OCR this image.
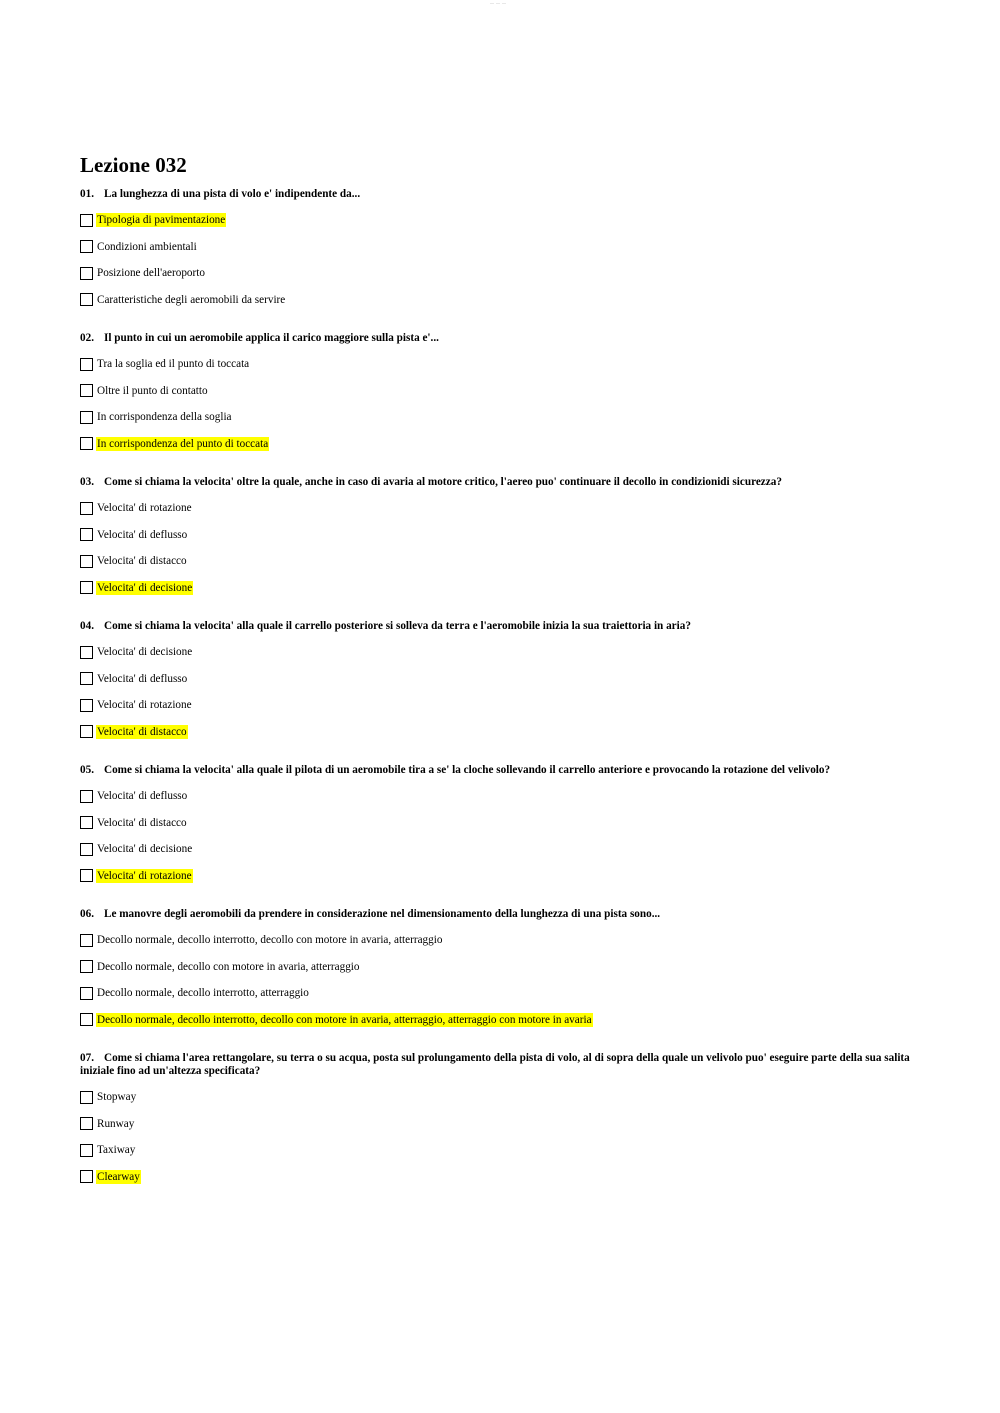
— — —
Lezione 032
01. La lunghezza di una pista di volo e' indipendente da...
Tipologia di pavimentazione
Condizioni ambientali
Posizione dell'aeroporto
Caratteristiche degli aeromobili da servire
02. Il punto in cui un aeromobile applica il carico maggiore sulla pista e'...
Tra la soglia ed il punto di toccata
Oltre il punto di contatto
In corrispondenza della soglia
In corrispondenza del punto di toccata
03. Come si chiama la velocita' oltre la quale, anche in caso di avaria al motore critico, l'aereo puo' continuare il decollo in condizionidi sicurezza?
Velocita' di rotazione
Velocita' di deflusso
Velocita' di distacco
Velocita' di decisione
04. Come si chiama la velocita' alla quale il carrello posteriore si solleva da terra e l'aeromobile inizia la sua traiettoria in aria?
Velocita' di decisione
Velocita' di deflusso
Velocita' di rotazione
Velocita' di distacco
05. Come si chiama la velocita' alla quale il pilota di un aeromobile tira a se' la cloche sollevando il carrello anteriore e provocando la rotazione del velivolo?
Velocita' di deflusso
Velocita' di distacco
Velocita' di decisione
Velocita' di rotazione
06. Le manovre degli aeromobili da prendere in considerazione nel dimensionamento della lunghezza di una pista sono...
Decollo normale, decollo interrotto, decollo con motore in avaria, atterraggio
Decollo normale, decollo con motore in avaria, atterraggio
Decollo normale, decollo interrotto, atterraggio
Decollo normale, decollo interrotto, decollo con motore in avaria, atterraggio, atterraggio con motore in avaria
07. Come si chiama l'area rettangolare, su terra o su acqua, posta sul prolungamento della pista di volo, al di sopra della quale un velivolo puo' eseguire parte della sua salita iniziale fino ad un'altezza specificata?
Stopway
Runway
Taxiway
Clearway
